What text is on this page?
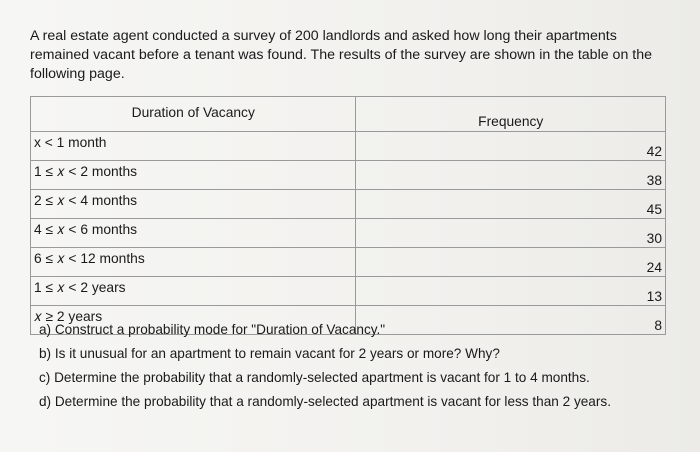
A real estate agent conducted a survey of 200 landlords and asked how long their apartments

remained vacant before a tenant was found. The results of the survey are shown in the table on the

following page.

Duration of Vacancy	Frequency
x < 1 month	42
1 ≤ 𝑥 < 2 months	38
2 ≤ 𝑥 < 4 months	45
4 ≤ 𝑥 < 6 months	30
6 ≤ 𝑥 < 12 months	24
1 ≤ 𝑥 < 2 years	13
𝑥 ≥ 2 years	8
a) Construct a probability mode for "Duration of Vacancy."
b) Is it unusual for an apartment to remain vacant for 2 years or more? Why?
c) Determine the probability that a randomly-selected apartment is vacant for 1 to 4 months.
d) Determine the probability that a randomly-selected apartment is vacant for less than 2 years.
